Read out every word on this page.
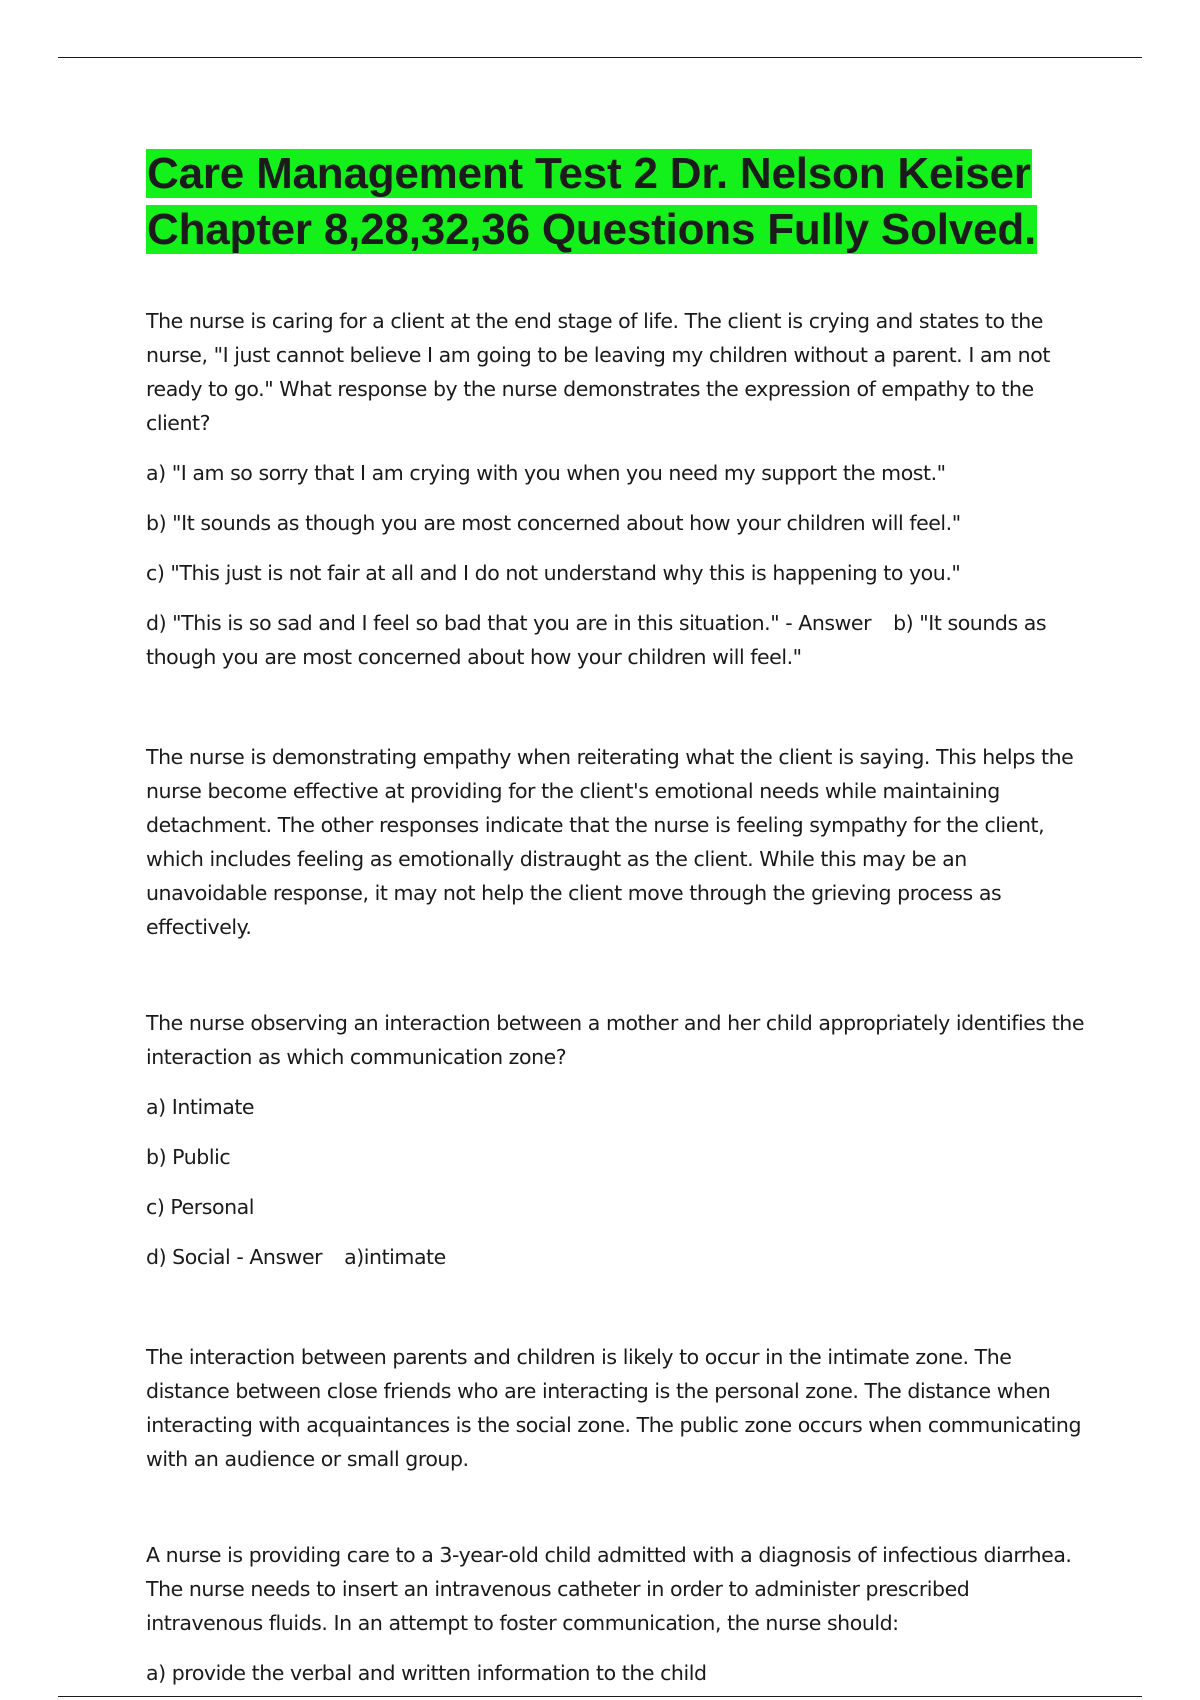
Care Management Test 2 Dr. Nelson Keiser Chapter 8,28,32,36 Questions Fully Solved.

The nurse is caring for a client at the end stage of life. The client is crying and states to the nurse, "I just cannot believe I am going to be leaving my children without a parent. I am not ready to go." What response by the nurse demonstrates the expression of empathy to the client?

a) "I am so sorry that I am crying with you when you need my support the most."

b) "It sounds as though you are most concerned about how your children will feel."

c) "This just is not fair at all and I do not understand why this is happening to you."

d) "This is so sad and I feel so bad that you are in this situation." - Answer b) "It sounds as though you are most concerned about how your children will feel."

The nurse is demonstrating empathy when reiterating what the client is saying. This helps the nurse become effective at providing for the client's emotional needs while maintaining detachment. The other responses indicate that the nurse is feeling sympathy for the client, which includes feeling as emotionally distraught as the client. While this may be an unavoidable response, it may not help the client move through the grieving process as effectively.

The nurse observing an interaction between a mother and her child appropriately identifies the interaction as which communication zone?

a) Intimate

b) Public

c) Personal

d) Social - Answer a)intimate

The interaction between parents and children is likely to occur in the intimate zone. The distance between close friends who are interacting is the personal zone. The distance when interacting with acquaintances is the social zone. The public zone occurs when communicating with an audience or small group.

A nurse is providing care to a 3-year-old child admitted with a diagnosis of infectious diarrhea. The nurse needs to insert an intravenous catheter in order to administer prescribed intravenous fluids. In an attempt to foster communication, the nurse should:

a) provide the verbal and written information to the child
